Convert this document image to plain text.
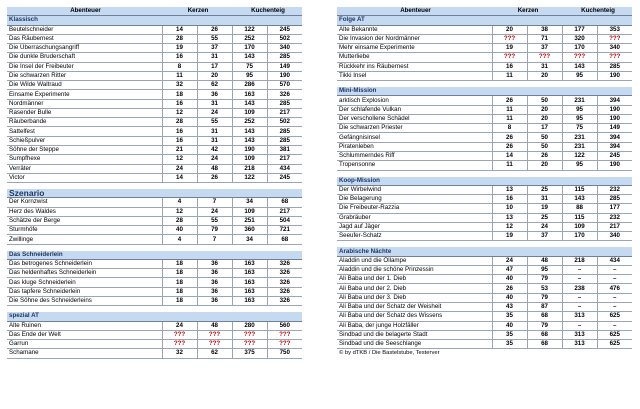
Abenteuer	Kerzen		Kuchenteig	
Klassisch				
Beutelschneider	14	26	122	245
Das Räubernest	28	55	252	502
Die Überraschungsangriff	19	37	170	340
Die dunkle Bruderschaft	16	31	143	285
Die Insel der Freibeuter	8	17	75	149
Die schwarzen Ritter	11	20	95	190
Die Wilde Waltraud	32	62	286	570
Einsame Experimente	18	36	163	326
Nordmänner	16	31	143	285
Rasender Bulle	12	24	109	217
Räuberbande	28	55	252	502
Sattelfest	16	31	143	285
Schießpulver	16	31	143	285
Söhne der Steppe	21	42	190	381
Sumpfhexe	12	24	109	217
Verräter	24	48	218	434
Victor	14	26	122	245

Szenario				
Der Kornzwist	4	7	34	68
Herz des Waldes	12	24	109	217
Schätze der Berge	28	55	251	504
Sturmhöfe	40	79	360	721
Zwillinge	4	7	34	68

Das Schneiderlein				
Das betrogenes Schneiderlein	18	36	163	326
Das heldenhaftes Schneiderlein	18	36	163	326
Das kluge Schneiderlein	18	36	163	326
Das tapfere Schneiderlein	18	36	163	326
Die Söhne des Schneiderleins	18	36	163	326

spezial AT				
Alte Ruinen	24	48	280	560
Das Ende der Welt	???	???	???	???
Garrun	???	???	???	???
Schamane	32	62	375	750
Abenteuer	Kerzen		Kuchenteig	
Folge AT				
Alte Bekannte	20	38	177	353
Die Invasion der Nordmänner	???	71	320	???
Mehr einsame Experimente	19	37	170	340
Mutterliebe	???	???	???	???
Rückkehr ins Räubernest	16	31	143	285
Tikki Insel	11	20	95	190

Mini-Mission				
arktisch Explosion	26	50	231	394
Der schlafende Vulkan	11	20	95	190
Der verschollene Schädel	11	20	95	190
Die schwarzen Priester	8	17	75	149
Gefängnisinsel	26	50	231	394
Piratenleben	26	50	231	394
Schlummerndes Riff	14	26	122	245
Tropensonne	11	20	95	190

Koop-Mission				
Der Wirbelwind	13	25	115	232
Die Belagerung	16	31	143	285
Die Freibeuter-Razzia	10	19	88	177
Grabräuber	13	25	115	232
Jagd auf Jäger	12	24	109	217
Seeufer-Schatz	19	37	170	340

Arabische Nächte				
Aladdin und die Öllampe	24	48	218	434
Aladdin und die schöne Prinzessin	47	95	–	–
Ali Baba und der 1. Dieb	40	79	–	–
Ali Baba und der 2. Dieb	26	53	238	476
Ali Baba und der 3. Dieb	40	79	–	–
Ali Baba und der Schatz der Weisheit	43	87	–	–
Ali Baba und der Schatz des Wissens	35	68	313	625
Ali Baba, der junge Holzfäller	40	79	–	–
Sindbad und die belagerte Stadt	35	68	313	625
Sindbad und die Seeschlange	35	68	313	625
© by dTKB / Die Bastelstube, Testerver				
